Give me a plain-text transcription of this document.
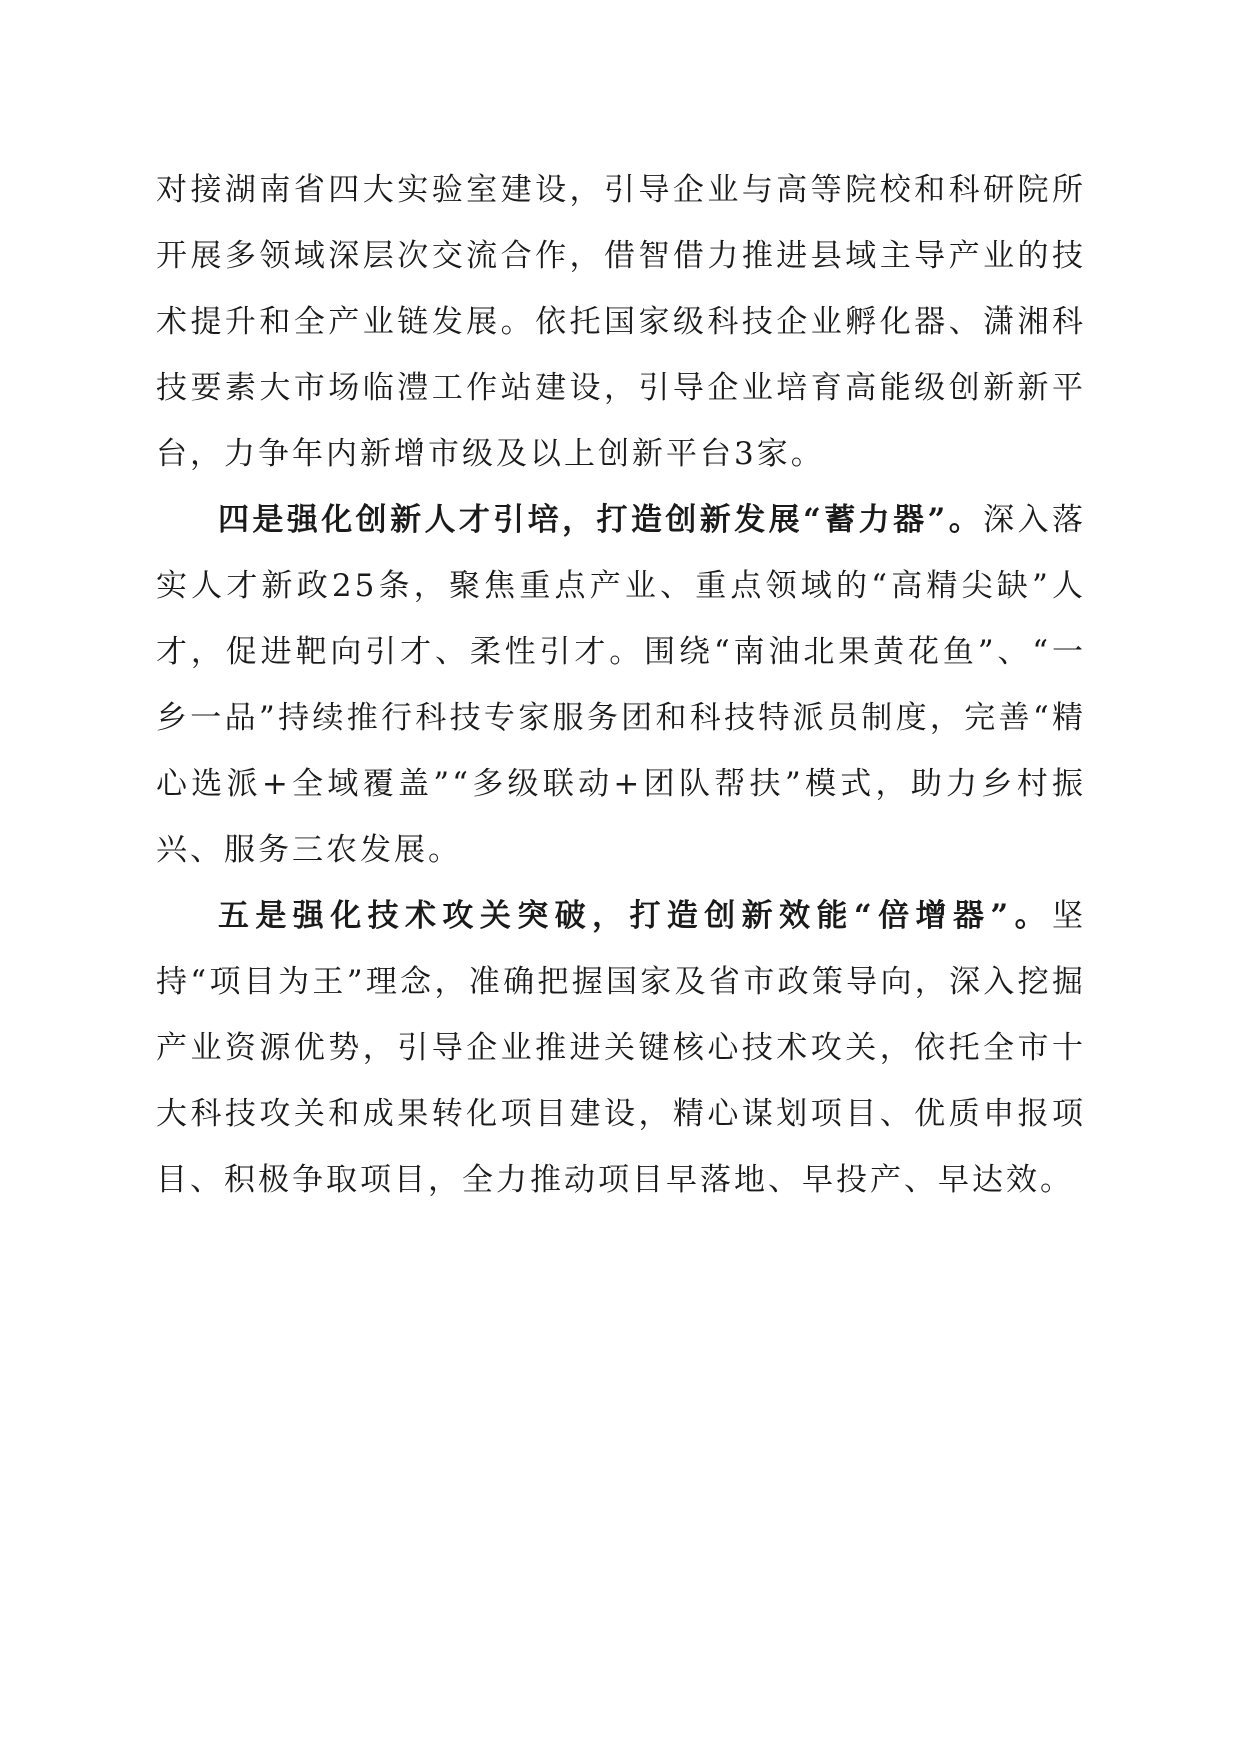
对接湖南省四大实验室建设，引导企业与高等院校和科研院所开展多领域深层次交流合作，借智借力推进县域主导产业的技术提升和全产业链发展。依托国家级科技企业孵化器、潇湘科技要素大市场临澧工作站建设，引导企业培育高能级创新新平台，力争年内新增市级及以上创新平台3家。

四是强化创新人才引培，打造创新发展“蓄力器”。深入落实人才新政25条，聚焦重点产业、重点领域的“高精尖缺”人才，促进靶向引才、柔性引才。围绕“南油北果黄花鱼”、“一乡一品”持续推行科技专家服务团和科技特派员制度，完善“精心选派+全域覆盖”“多级联动+团队帮扶”模式，助力乡村振兴、服务三农发展。

五是强化技术攻关突破，打造创新效能“倍增器”。坚持“项目为王”理念，准确把握国家及省市政策导向，深入挖掘产业资源优势，引导企业推进关键核心技术攻关，依托全市十大科技攻关和成果转化项目建设，精心谋划项目、优质申报项目、积极争取项目，全力推动项目早落地、早投产、早达效。
